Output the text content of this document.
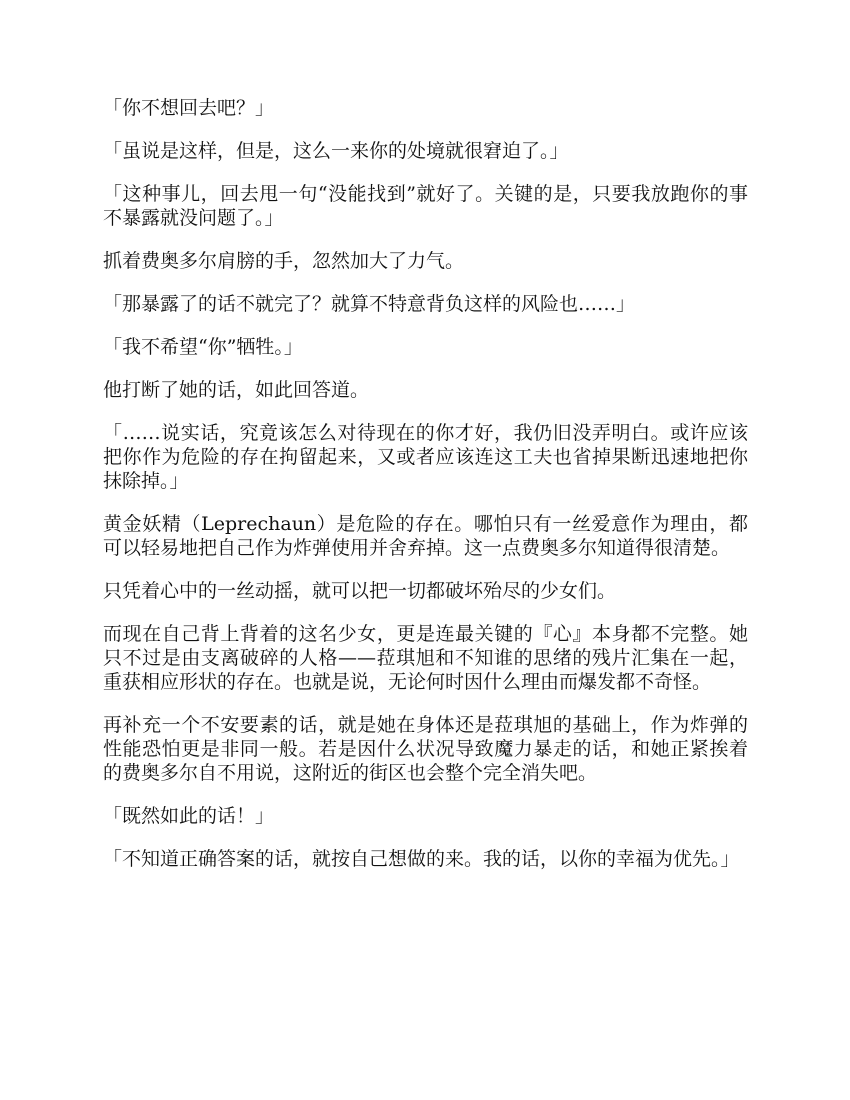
「你不想回去吧？」

「虽说是这样，但是，这么一来你的处境就很窘迫了。」

「这种事儿，回去甩一句“没能找到”就好了。关键的是，只要我放跑你的事不暴露就没问题了。」

抓着费奥多尔肩膀的手，忽然加大了力气。

「那暴露了的话不就完了？就算不特意背负这样的风险也……」

「我不希望“你”牺牲。」

他打断了她的话，如此回答道。

「……说实话，究竟该怎么对待现在的你才好，我仍旧没弄明白。或许应该把你作为危险的存在拘留起来，又或者应该连这工夫也省掉果断迅速地把你抹除掉。」

黄金妖精（Leprechaun）是危险的存在。哪怕只有一丝爱意作为理由，都可以轻易地把自己作为炸弹使用并舍弃掉。这一点费奥多尔知道得很清楚。

只凭着心中的一丝动摇，就可以把一切都破坏殆尽的少女们。

而现在自己背上背着的这名少女，更是连最关键的『心』本身都不完整。她只不过是由支离破碎的人格——菈琪旭和不知谁的思绪的残片汇集在一起，重获相应形状的存在。也就是说，无论何时因什么理由而爆发都不奇怪。

再补充一个不安要素的话，就是她在身体还是菈琪旭的基础上，作为炸弹的性能恐怕更是非同一般。若是因什么状况导致魔力暴走的话，和她正紧挨着的费奥多尔自不用说，这附近的街区也会整个完全消失吧。

「既然如此的话！」

「不知道正确答案的话，就按自己想做的来。我的话，以你的幸福为优先。」
